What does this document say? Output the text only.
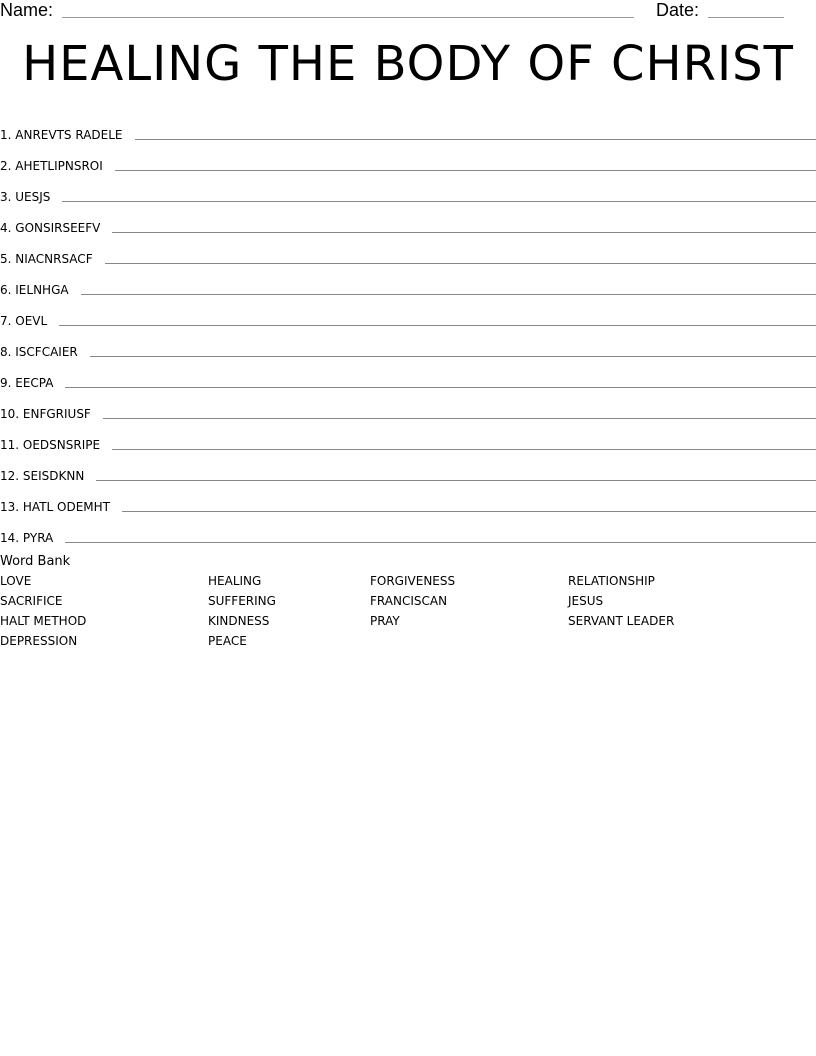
Name:	Date:
HEALING THE BODY OF CHRIST
1. ANREVTS RADELE
2. AHETLIPNSROI
3. UESJS
4. GONSIRSEEFV
5. NIACNRSACF
6. IELNHGA
7. OEVL
8. ISCFCAIER
9. EECPA
10. ENFGRIUSF
11. OEDSNSRIPE
12. SEISDKNN
13. HATL ODEMHT
14. PYRA
Word Bank
LOVE
SACRIFICE
HALT METHOD
DEPRESSION
HEALING
SUFFERING
KINDNESS
PEACE
FORGIVENESS
FRANCISCAN
PRAY
RELATIONSHIP
JESUS
SERVANT LEADER
